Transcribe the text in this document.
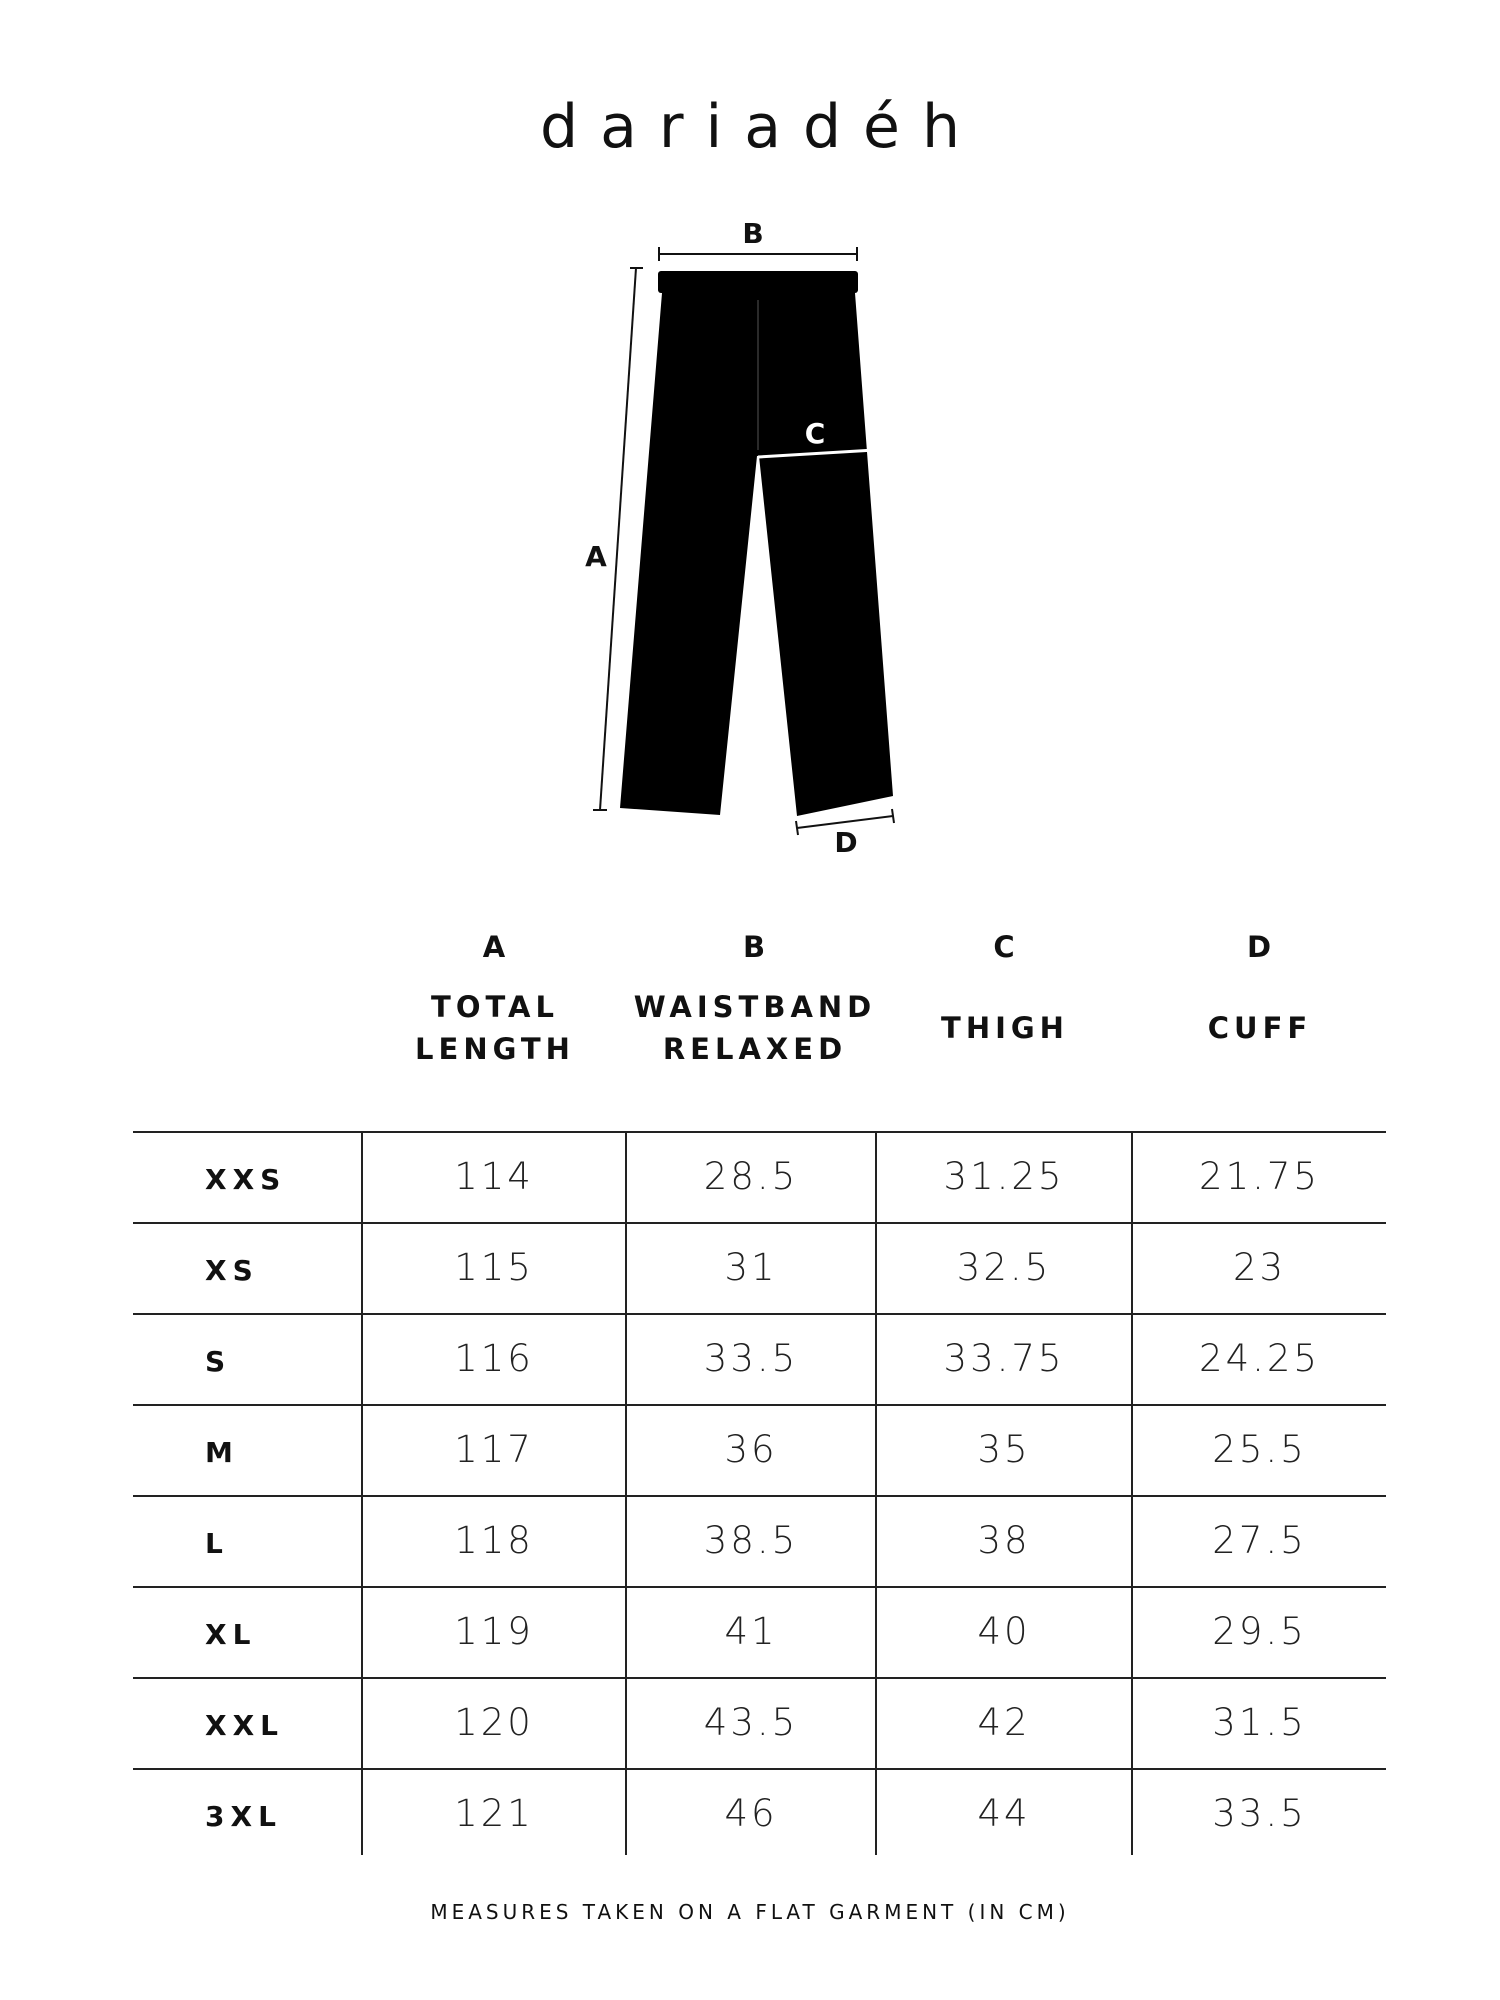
dariadéh
B
A
C
D
A
TOTAL
LENGTH
B
WAISTBAND
RELAXED
C
THIGH
D
CUFF
XXS	114	28.5	31.25	21.75
XS	115	31	32.5	23
S	116	33.5	33.75	24.25
M	117	36	35	25.5
L	118	38.5	38	27.5
XL	119	41	40	29.5
XXL	120	43.5	42	31.5
3XL	121	46	44	33.5
MEASURES TAKEN ON A FLAT GARMENT (IN CM)
